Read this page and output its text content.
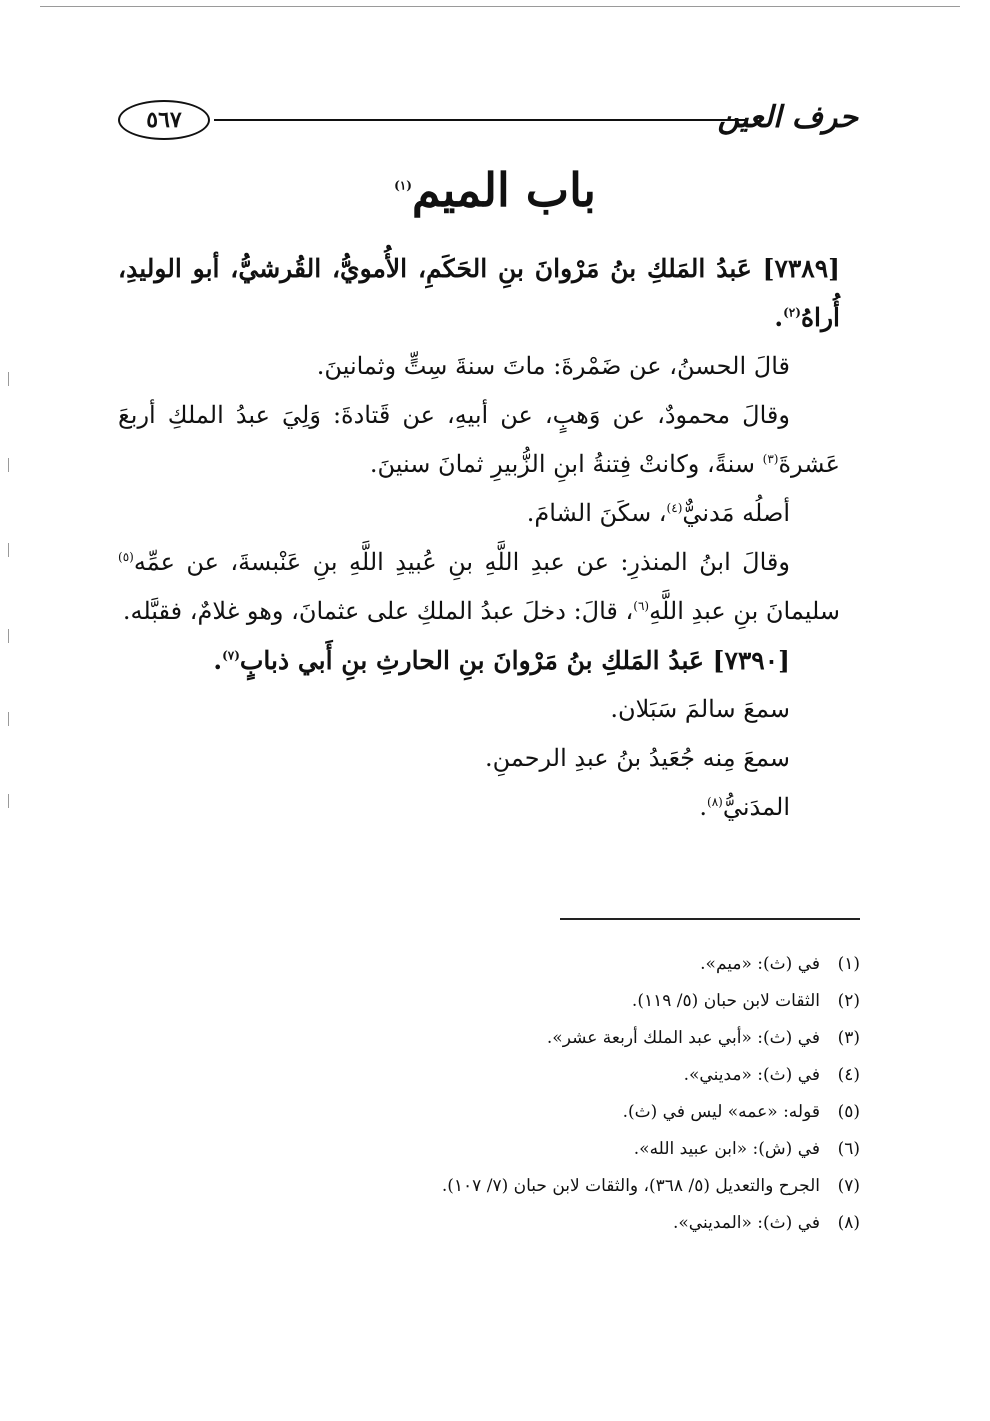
حرف العين
٥٦٧
باب الميم$^{(١)}$

[٧٣٨٩] عَبدُ المَلكِ بنُ مَرْوانَ بنِ الحَكَمِ، الأُمويُّ، القُرشيُّ، أبو الوليدِ، أُراهُ$^{(٢)}$.

قالَ الحسنُ، عن ضَمْرةَ: ماتَ سنةَ سِتٍّ وثمانينَ.

وقالَ محمودٌ، عن وَهبٍ، عن أبيهِ، عن قَتادةَ: وَلِيَ عبدُ الملكِ أربعَ عَشرةَ$^{(٣)}$ سنةً، وكانتْ فِتنةُ ابنِ الزُّبيرِ ثمانَ سنينَ.

أصلُه مَدنيٌّ$^{(٤)}$، سكَنَ الشامَ.

وقالَ ابنُ المنذرِ: عن عبدِ اللَّهِ بنِ عُبيدِ اللَّهِ بنِ عَنْبسةَ، عن عمِّه$^{(٥)}$ سليمانَ بنِ عبدِ اللَّهِ$^{(٦)}$، قالَ: دخلَ عبدُ الملكِ على عثمانَ، وهو غلامٌ، فقبَّله.

[٧٣٩٠] عَبدُ المَلكِ بنُ مَرْوانَ بنِ الحارثِ بنِ أَبي ذبابٍ$^{(٧)}$.

سمعَ سالمَ سَبَلان.

سمعَ مِنه جُعَيدُ بنُ عبدِ الرحمنِ.

المدَنيُّ$^{(٨)}$.

(١)
في (ث): «ميم».
(٢)
الثقات لابن حبان (٥/ ١١٩).
(٣)
في (ث): «أبي عبد الملك أربعة عشر».
(٤)
في (ث): «مديني».
(٥)
قوله: «عمه» ليس في (ث).
(٦)
في (ش): «ابن عبيد الله».
(٧)
الجرح والتعديل (٥/ ٣٦٨)، والثقات لابن حبان (٧/ ١٠٧).
(٨)
في (ث): «المديني».
